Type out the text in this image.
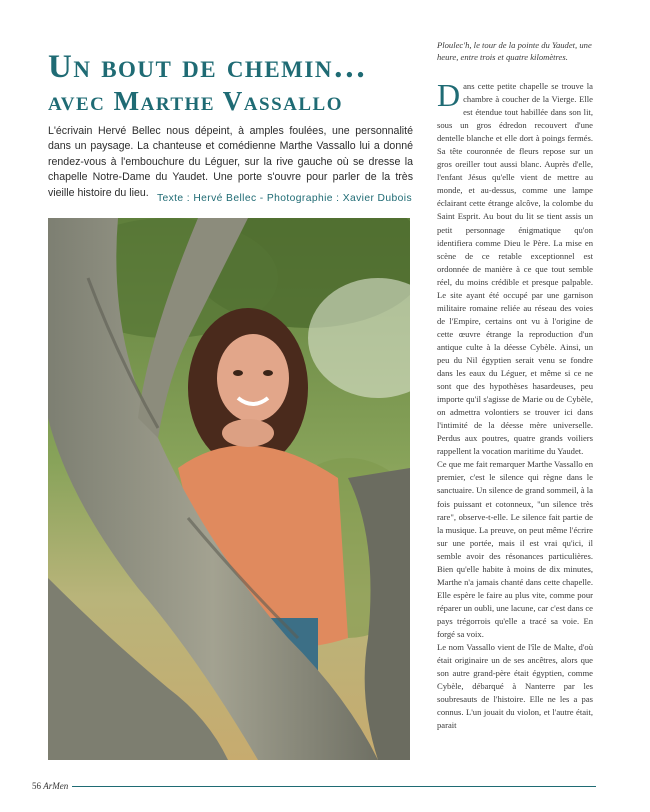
Un bout de chemin…
avec Marthe Vassallo

L'écrivain Hervé Bellec nous dépeint, à amples foulées, une personnalité dans un paysage. La chanteuse et comédienne Marthe Vassallo lui a donné rendez-vous à l'embouchure du Léguer, sur la rive gauche où se dresse la chapelle Notre-Dame du Yaudet. Une porte s'ouvre pour parler de la très vieille histoire du lieu. Texte : Hervé Bellec - Photographie : Xavier Dubois
Ploulec'h, le tour de la pointe du Yaudet, une heure, entre trois et quatre kilomètres.

Dans cette petite chapelle se trouve la chambre à coucher de la Vierge. Elle est étendue tout habillée dans son lit, sous un gros édredon recouvert d'une dentelle blanche et elle dort à poings fermés. Sa tête couronnée de fleurs repose sur un gros oreiller tout aussi blanc. Auprès d'elle, l'enfant Jésus qu'elle vient de mettre au monde, et au-dessus, comme une lampe éclairant cette étrange alcôve, la colombe du Saint Esprit. Au bout du lit se tient assis un petit personnage énigmatique qu'on identifiera comme Dieu le Père. La mise en scène de ce retable exceptionnel est ordonnée de manière à ce que tout semble réel, du moins crédible et presque palpable. Le site ayant été occupé par une garnison militaire romaine reliée au réseau des voies de l'Empire, certains ont vu à l'origine de cette œuvre étrange la reproduction d'un antique culte à la déesse Cybèle. Ainsi, un peu du Nil égyptien serait venu se fondre dans les eaux du Léguer, et même si ce ne sont que des hypothèses hasardeuses, peu importe qu'il s'agisse de Marie ou de Cybèle, on admettra volontiers se trouver ici dans l'intimité de la déesse mère universelle. Perdus aux poutres, quatre grands voiliers rappellent la vocation maritime du Yaudet.

Ce que me fait remarquer Marthe Vassallo en premier, c'est le silence qui règne dans le sanctuaire. Un silence de grand sommeil, à la fois puissant et cotonneux, "un silence très rare", observe-t-elle. Le silence fait partie de la musique. La preuve, on peut même l'écrire sur une portée, mais il est vrai qu'ici, il semble avoir des résonances particulières. Bien qu'elle habite à moins de dix minutes, Marthe n'a jamais chanté dans cette chapelle. Elle espère le faire au plus vite, comme pour réparer un oubli, une lacune, car c'est dans ce pays trégorrois qu'elle a tracé sa voie. En forgé sa voix.

Le nom Vassallo vient de l'île de Malte, d'où était originaire un de ses ancêtres, alors que son autre grand-père était égyptien, comme Cybèle, débarqué à Nanterre par les soubresauts de l'histoire. Elle ne les a pas connus. L'un jouait du violon, et l'autre était, parait

56 ArMen
